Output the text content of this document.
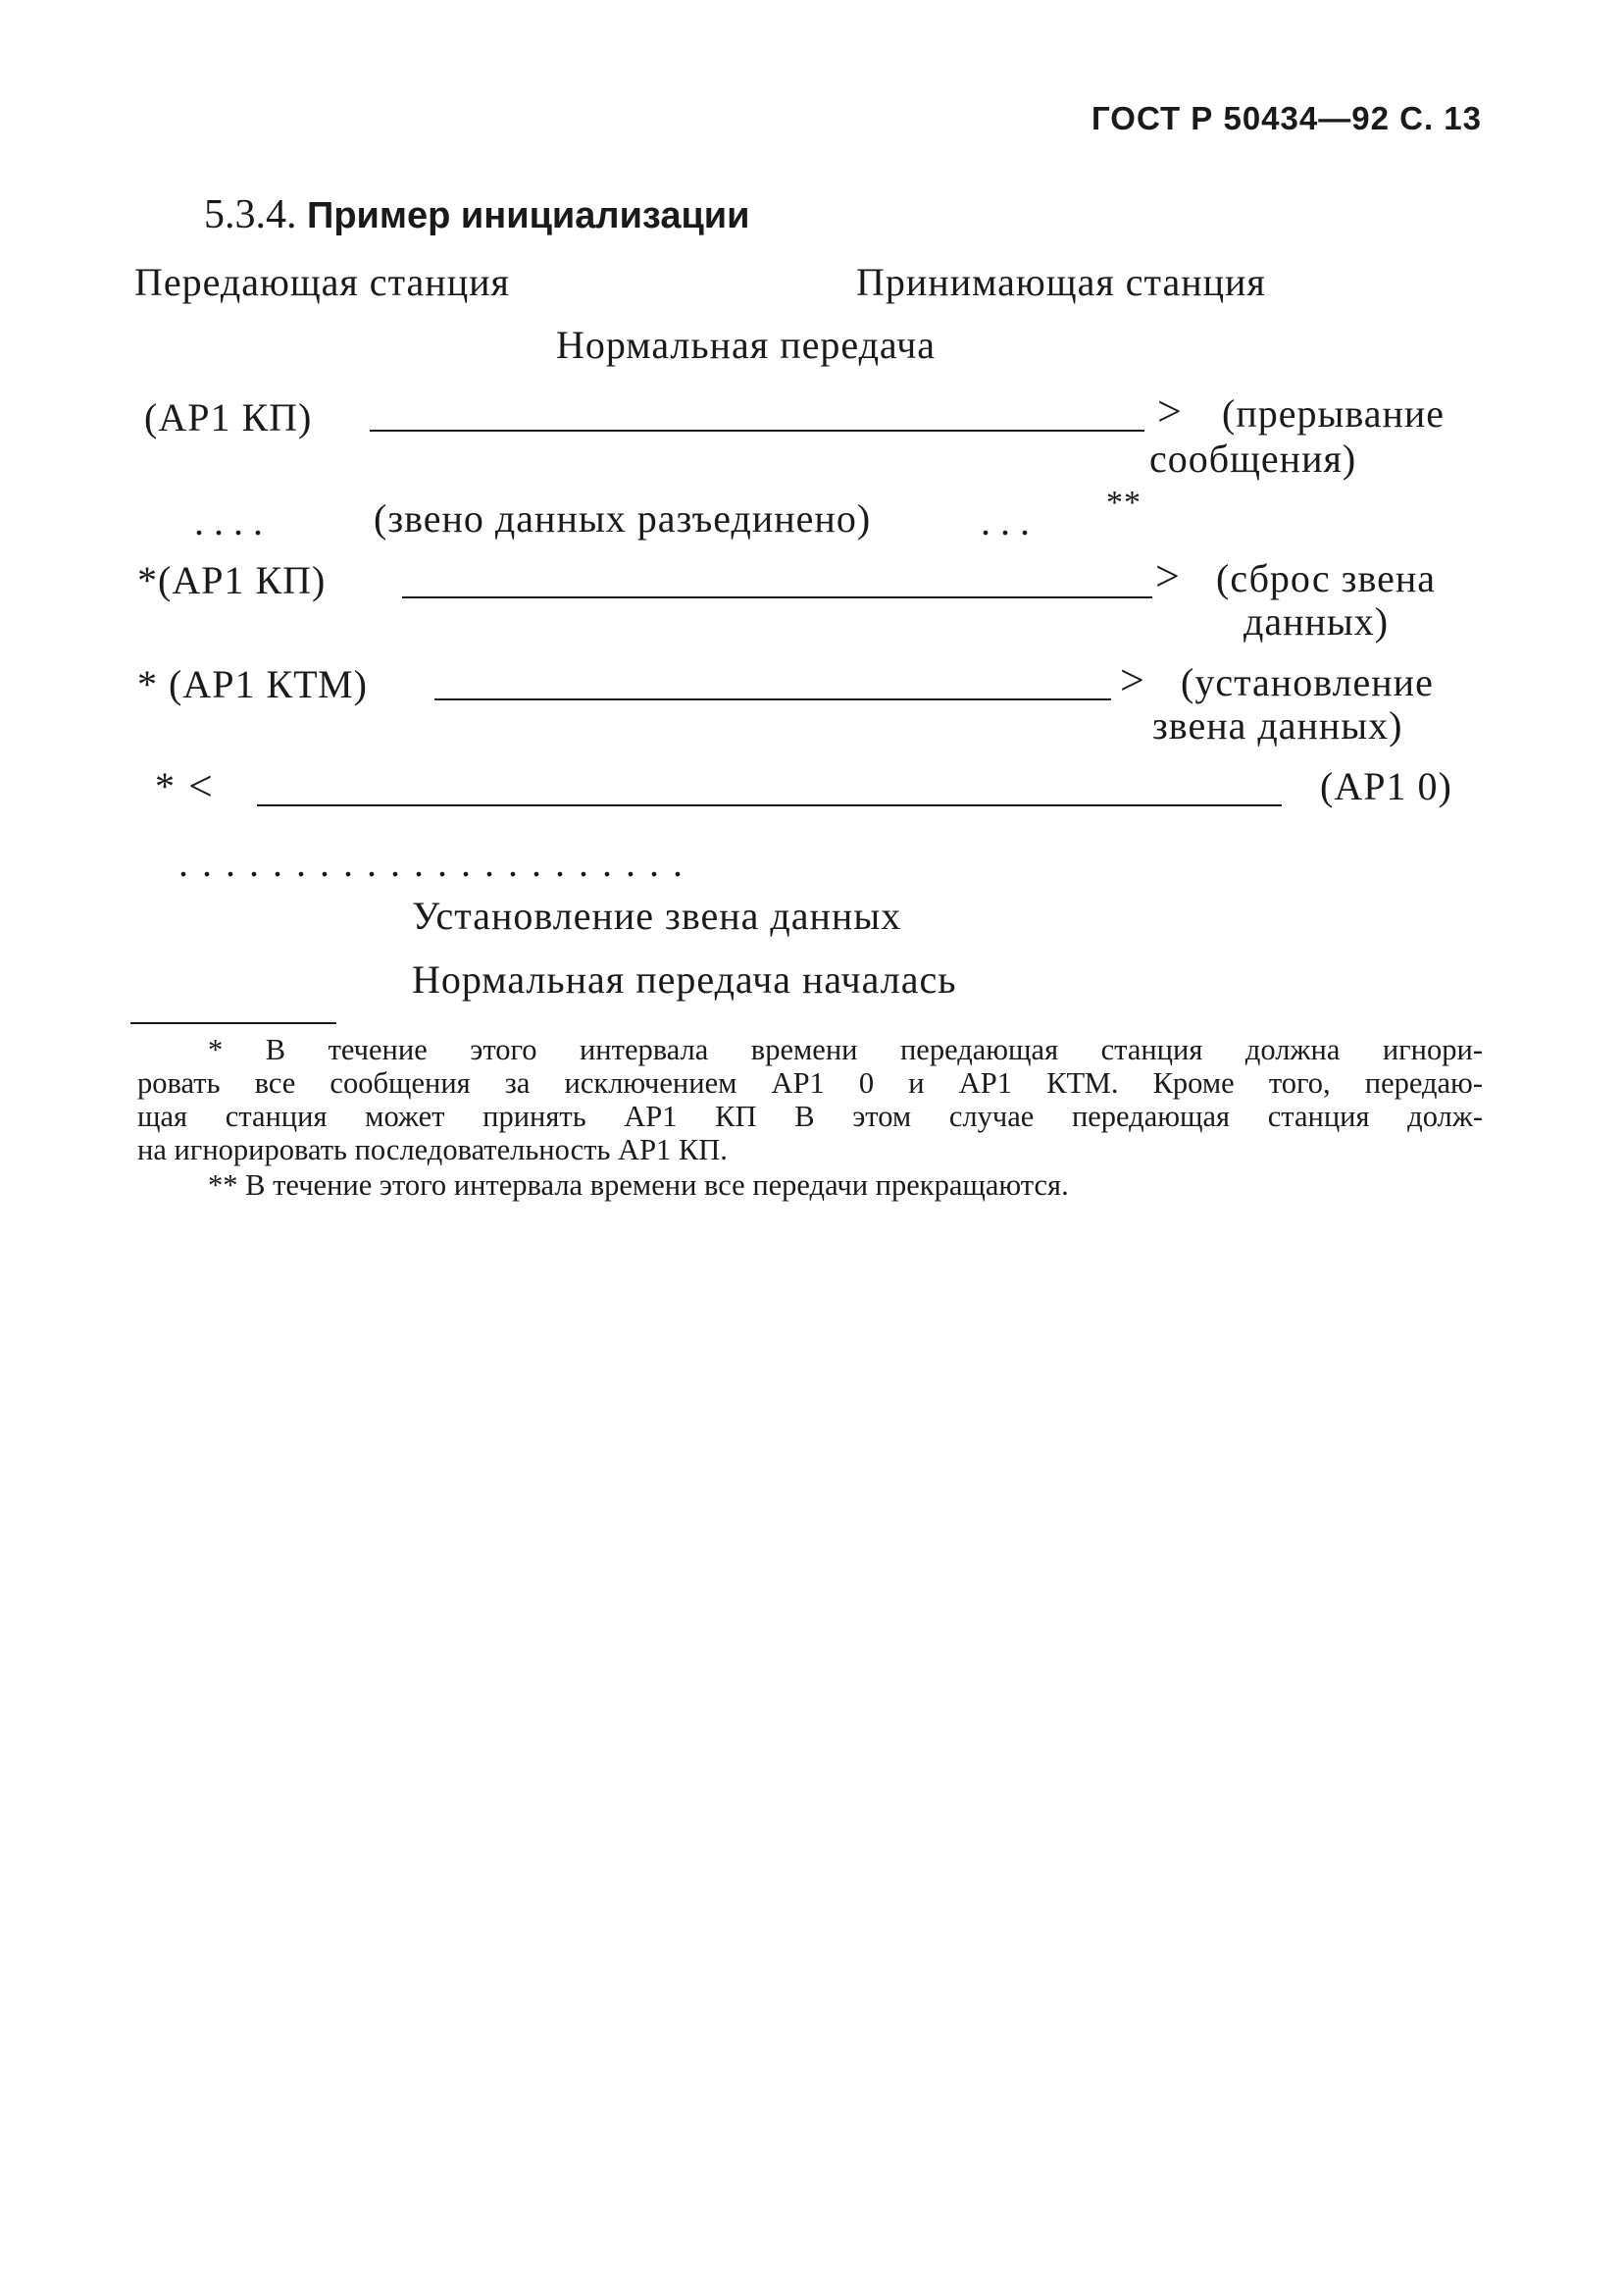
ГОСТ Р 50434—92 С. 13
5.3.4. Пример инициализации
Передающая станция	Принимающая станция
Нормальная передача
(АР1 КП)	> (прерывание
сообщения)
. . . .	(звено данных разъединено)	. . . **
*(АР1 КП)	> (сброс звена
данных)
* (АР1 КТМ)	> (установление
звена данных)
* <	(АР1 0)
. . . . . . . . . . . . . . . . . . . . . .
Установление звена данных
Нормальная передача началась
* В течение этого интервала времени передающая станция должна игнори-
ровать все сообщения за исключением АР1 0 и АР1 КТМ. Кроме того, передаю-
щая станция может принять АР1 КП В этом случае передающая станция долж-
на игнорировать последовательность АР1 КП.
** В течение этого интервала времени все передачи прекращаются.
